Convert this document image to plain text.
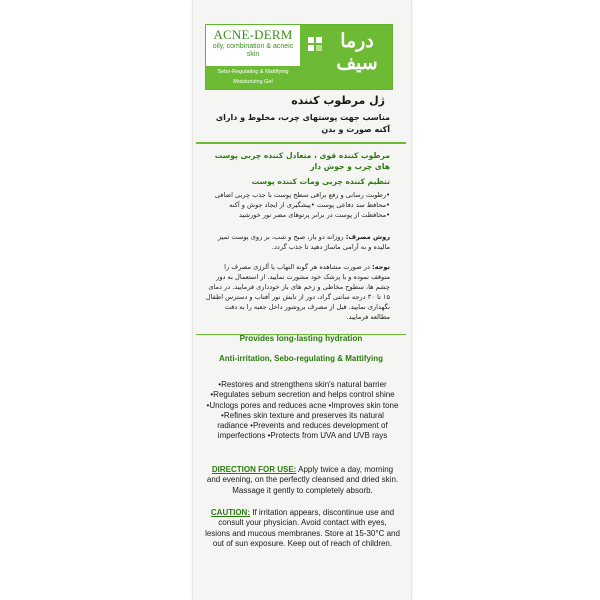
ACNE-DERM
oily, combination & acneic skin
Sebo-Regulating & Mattifying
Moisturizing Gel
درما سیف
ژل مرطوب کننده
مناسب جهت پوستهای چرب، مخلوط و دارای آکنه صورت و بدن
مرطوب کننده قوی ، متعادل کننده چربی پوست های چرب و جوش دار
تنظیم کننده چربی ومات کننده پوست
•رطوبت رسانی و رفع براقی سطح پوست با جذب چربی اضافی •محافظ سد دفاعی پوست •پیشگیری از ایجاد جوش و آکنه •محافظت از پوست در برابر پرتوهای مضر نور خورشید
روش مصرف: روزانه دو بار، صبح و شب، بر روی پوست تمیز مالیده و به آرامی ماساژ دهید تا جذب گردد.
توجه: در صورت مشاهده هر گونه التهاب یا آلرژی مصرف را متوقف نموده و با پزشک خود مشورت نمایید. از استعمال به دور چشم ها، سطوح مخاطی و زخم های باز خودداری فرمایید. در دمای ۱۵ تا ۳۰ درجه سانتی گراد، دور از تابش نور آفتاب و دسترس اطفال نگهداری نمایید. قبل از مصرف بروشور داخل جعبه را به دقت مطالعه فرمایید.
Provides long-lasting hydration
Anti-irritation, Sebo-regulating & Mattifying
•Restores and strengthens skin's natural barrier •Regulates sebum secretion and helps control shine •Unclogs pores and reduces acne •Improves skin tone •Refines skin texture and preserves its natural radiance •Prevents and reduces development of imperfections •Protects from UVA and UVB rays
DIRECTION FOR USE: Apply twice a day, morning and evening, on the perfectly cleansed and dried skin. Massage it gently to completely absorb.
CAUTION: If irritation appears, discontinue use and consult your physician. Avoid contact with eyes, lesions and mucous membranes. Store at 15-30°C and out of sun exposure. Keep out of reach of children.
